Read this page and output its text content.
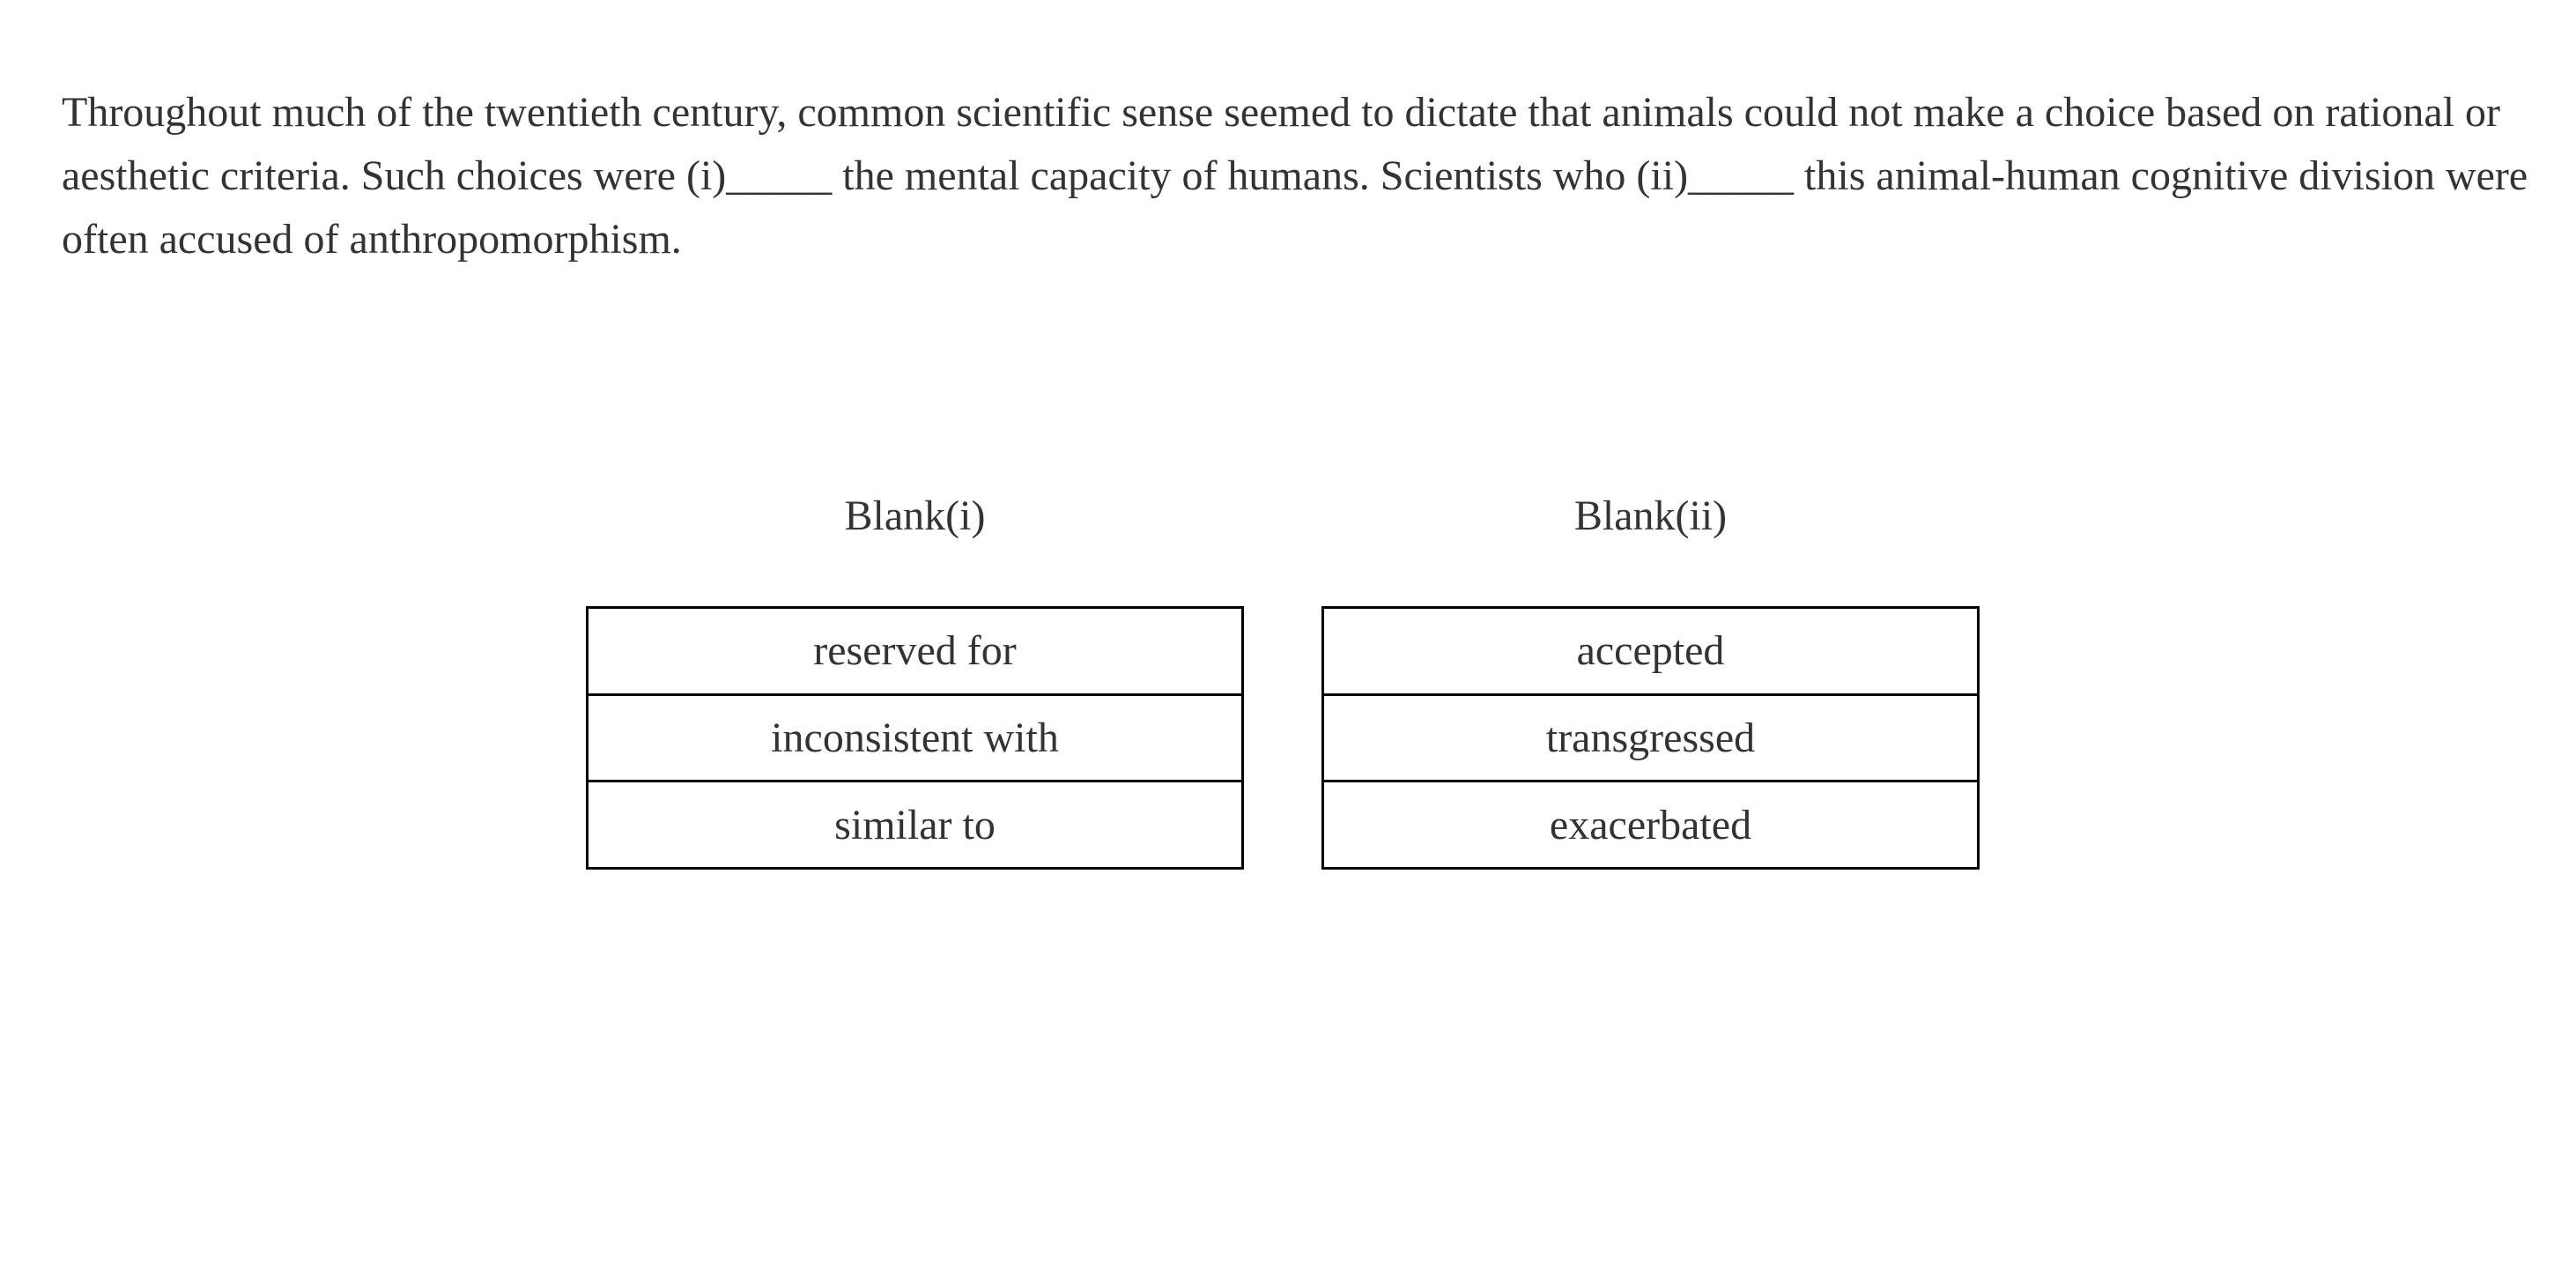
Throughout much of the twentieth century, common scientific sense seemed to dictate that animals could not make a choice based on rational or aesthetic criteria. Such choices were (i)_____ the mental capacity of humans. Scientists who (ii)_____ this animal-human cognitive division were often accused of anthropomorphism.

Blank(i)
reserved for
inconsistent with
similar to
Blank(ii)
accepted
transgressed
exacerbated
